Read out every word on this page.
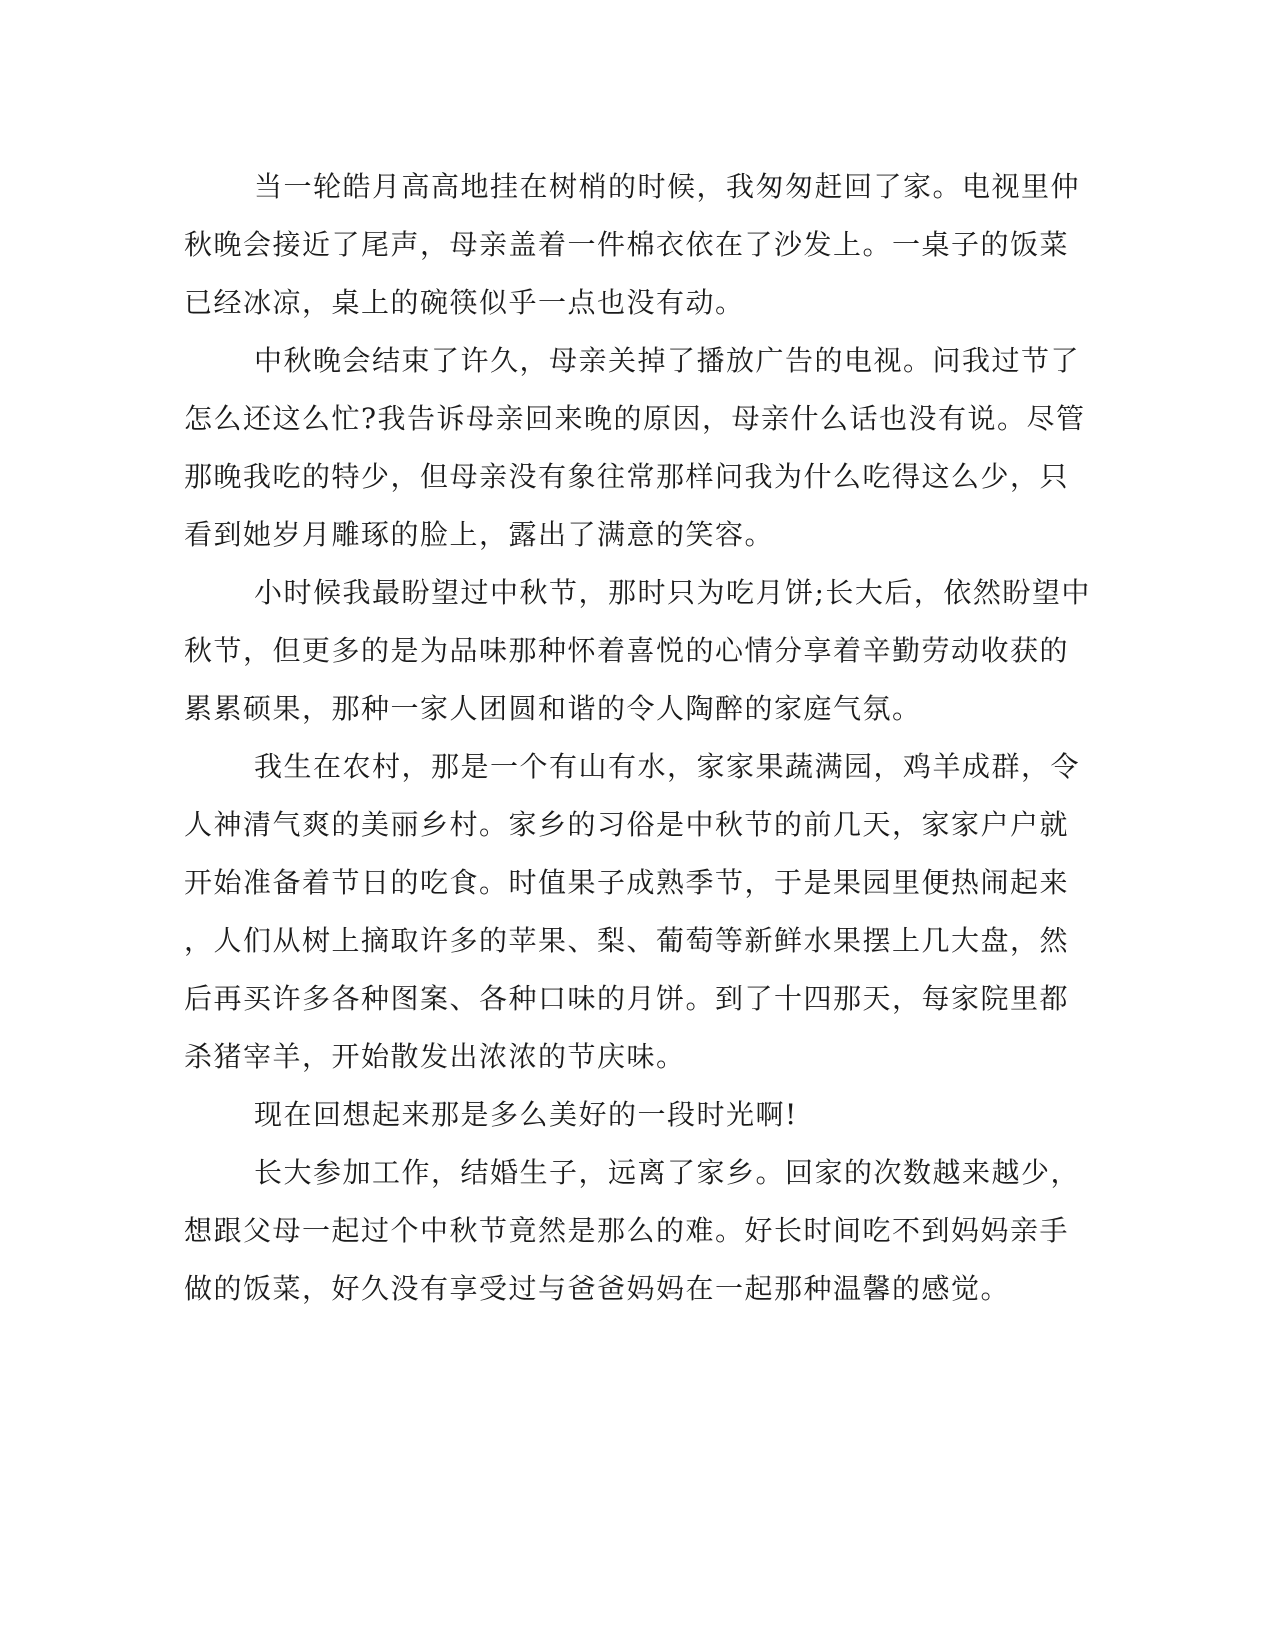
当一轮皓月高高地挂在树梢的时候，我匆匆赶回了家。电视里仲
秋晚会接近了尾声，母亲盖着一件棉衣依在了沙发上。一桌子的饭菜
已经冰凉，桌上的碗筷似乎一点也没有动。
中秋晚会结束了许久，母亲关掉了播放广告的电视。问我过节了
怎么还这么忙?我告诉母亲回来晚的原因，母亲什么话也没有说。尽管
那晚我吃的特少，但母亲没有象往常那样问我为什么吃得这么少，只
看到她岁月雕琢的脸上，露出了满意的笑容。
小时候我最盼望过中秋节，那时只为吃月饼;长大后，依然盼望中
秋节，但更多的是为品味那种怀着喜悦的心情分享着辛勤劳动收获的
累累硕果，那种一家人团圆和谐的令人陶醉的家庭气氛。
我生在农村，那是一个有山有水，家家果蔬满园，鸡羊成群，令
人神清气爽的美丽乡村。家乡的习俗是中秋节的前几天，家家户户就
开始准备着节日的吃食。时值果子成熟季节，于是果园里便热闹起来
，人们从树上摘取许多的苹果、梨、葡萄等新鲜水果摆上几大盘，然
后再买许多各种图案、各种口味的月饼。到了十四那天，每家院里都
杀猪宰羊，开始散发出浓浓的节庆味。
现在回想起来那是多么美好的一段时光啊!
长大参加工作，结婚生子，远离了家乡。回家的次数越来越少，
想跟父母一起过个中秋节竟然是那么的难。好长时间吃不到妈妈亲手
做的饭菜，好久没有享受过与爸爸妈妈在一起那种温馨的感觉。
